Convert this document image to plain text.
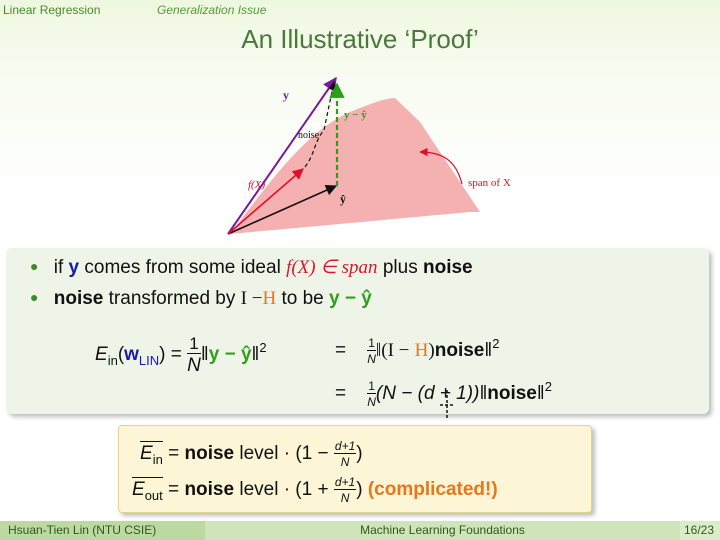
Linear Regression	Generalization Issue
An Illustrative ‘Proof’
y
y − ŷ
noise
f(X)
ŷ
span of X
● if y comes from some ideal f(X) ∈ span plus noise
● noise transformed by I −H to be y − ŷ
$E_{in}(w_{LIN}) = \frac{1}{N}$ ‖y − ŷ‖$^2$	= $\frac{1}{N}$ ‖(I − H)noise‖$^2$
= $\frac{1}{N} (N - (d$ + 1))‖noise‖$^2$
$E_{in}$ = noise level · ($1 - \frac{d+1}{N}$ )
$E_{out}$ = noise level · ($1 + \frac{d+1}{N}$ ) (complicated!)
Hsuan-Tien Lin (NTU CSIE)	Machine Learning Foundations	16/23
